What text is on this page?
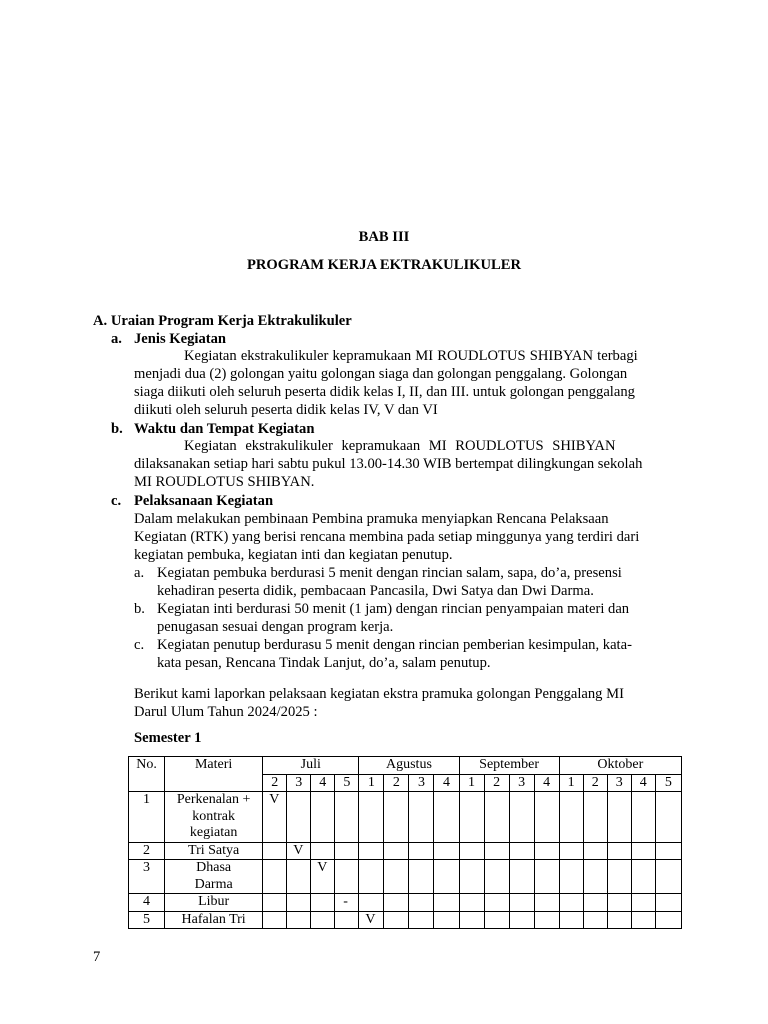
BAB III
PROGRAM KERJA EKTRAKULIKULER
A. Uraian Program Kerja Ektrakulikuler
a. Jenis Kegiatan
Kegiatan ekstrakulikuler kepramukaan MI ROUDLOTUS SHIBYAN terbagi
menjadi dua (2) golongan yaitu golongan siaga dan golongan penggalang. Golongan
siaga diikuti oleh seluruh peserta didik kelas I, II, dan III. untuk golongan penggalang
diikuti oleh seluruh peserta didik kelas IV, V dan VI
b. Waktu dan Tempat Kegiatan
Kegiatan ekstrakulikuler kepramukaan MI ROUDLOTUS SHIBYAN
dilaksanakan setiap hari sabtu pukul 13.00-14.30 WIB bertempat dilingkungan sekolah
MI ROUDLOTUS SHIBYAN.
c. Pelaksanaan Kegiatan
Dalam melakukan pembinaan Pembina pramuka menyiapkan Rencana Pelaksaan
Kegiatan (RTK) yang berisi rencana membina pada setiap minggunya yang terdiri dari
kegiatan pembuka, kegiatan inti dan kegiatan penutup.
a. Kegiatan pembuka berdurasi 5 menit dengan rincian salam, sapa, do’a, presensi
kehadiran peserta didik, pembacaan Pancasila, Dwi Satya dan Dwi Darma.
b. Kegiatan inti berdurasi 50 menit (1 jam) dengan rincian penyampaian materi dan
penugasan sesuai dengan program kerja.
c. Kegiatan penutup berdurasu 5 menit dengan rincian pemberian kesimpulan, kata-
kata pesan, Rencana Tindak Lanjut, do’a, salam penutup.
Berikut kami laporkan pelaksaan kegiatan ekstra pramuka golongan Penggalang MI
Darul Ulum Tahun 2024/2025 :
Semester 1
No.	Materi	Juli				Agustus				September				Oktober				
		2	3	4	5	1	2	3	4	1	2	3	4	1	2	3	4	5
1	Perkenalan +
kontrak
kegiatan	V																
2	Tri Satya		V															
3	Dhasa
Darma			V														
4	Libur				-													
5	Hafalan Tri					V												
7
